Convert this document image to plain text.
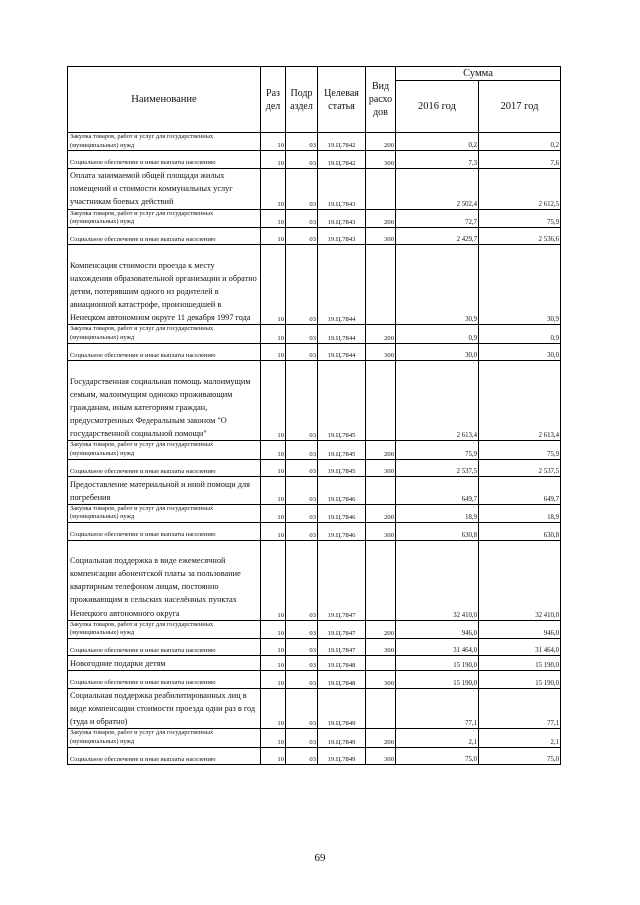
Наименование	Раз дел	Подр аздел	Целевая статья	Вид расхо дов	Сумма	
					2016 год	2017 год
Закупка товаров, работ и услуг для государственных (муниципальных) нужд	10	03	19.Ц.7842	200	0,2	0,2
Социальное обеспечение и иные выплаты населению	10	03	19.Ц.7842	300	7,3	7,6
Оплата занимаемой общей площади жилых помещений и стоимости коммунальных услуг участникам боевых действий	10	03	19.Ц.7843		2 502,4	2 612,5
Закупка товаров, работ и услуг для государственных (муниципальных) нужд	10	03	19.Ц.7843	200	72,7	75,9
Социальное обеспечение и иные выплаты населению	10	03	19.Ц.7843	300	2 429,7	2 536,6
Компенсация стоимости проезда к месту нахождения образовательной организации и обратно детям, потерявшим одного из родителей в авиационной катастрофе, произошедшей в Ненецком автономном округе 11 декабря 1997 года	10	03	19.Ц.7844		30,9	30,9
Закупка товаров, работ и услуг для государственных (муниципальных) нужд	10	03	19.Ц.7844	200	0,9	0,9
Социальное обеспечение и иные выплаты населению	10	03	19.Ц.7844	300	30,0	30,0
Государственная социальная помощь малоимущим семьям, малоимущим одиноко проживающим гражданам, иным категориям граждан, предусмотренных Федеральным законом "О государственной социальной помощи"	10	03	19.Ц.7845		2 613,4	2 613,4
Закупка товаров, работ и услуг для государственных (муниципальных) нужд	10	03	19.Ц.7845	200	75,9	75,9
Социальное обеспечение и иные выплаты населению	10	03	19.Ц.7845	300	2 537,5	2 537,5
Предоставление материальной и иной помощи для погребения	10	03	19.Ц.7846		649,7	649,7
Закупка товаров, работ и услуг для государственных (муниципальных) нужд	10	03	19.Ц.7846	200	18,9	18,9
Социальное обеспечение и иные выплаты населению	10	03	19.Ц.7846	300	630,8	630,8
Социальная поддержка в виде ежемесячной компенсации абонентской платы за пользование квартирным телефоном лицам, постоянно проживающим в сельских населённых пунктах Ненецкого автономного округа	10	03	19.Ц.7847		32 410,0	32 410,0
Закупка товаров, работ и услуг для государственных (муниципальных) нужд	10	03	19.Ц.7847	200	946,0	946,0
Социальное обеспечение и иные выплаты населению	10	03	19.Ц.7847	300	31 464,0	31 464,0
Новогодние подарки детям	10	03	19.Ц.7848		15 190,0	15 190,0
Социальное обеспечение и иные выплаты населению	10	03	19.Ц.7848	300	15 190,0	15 190,0
Социальная поддержка реабилитированных лиц в виде компенсации стоимости проезда одни раз в год (туда и обратно)	10	03	19.Ц.7849		77,1	77,1
Закупка товаров, работ и услуг для государственных (муниципальных) нужд	10	03	19.Ц.7849	200	2,1	2,1
Социальное обеспечение и иные выплаты населению	10	03	19.Ц.7849	300	75,0	75,0
69
